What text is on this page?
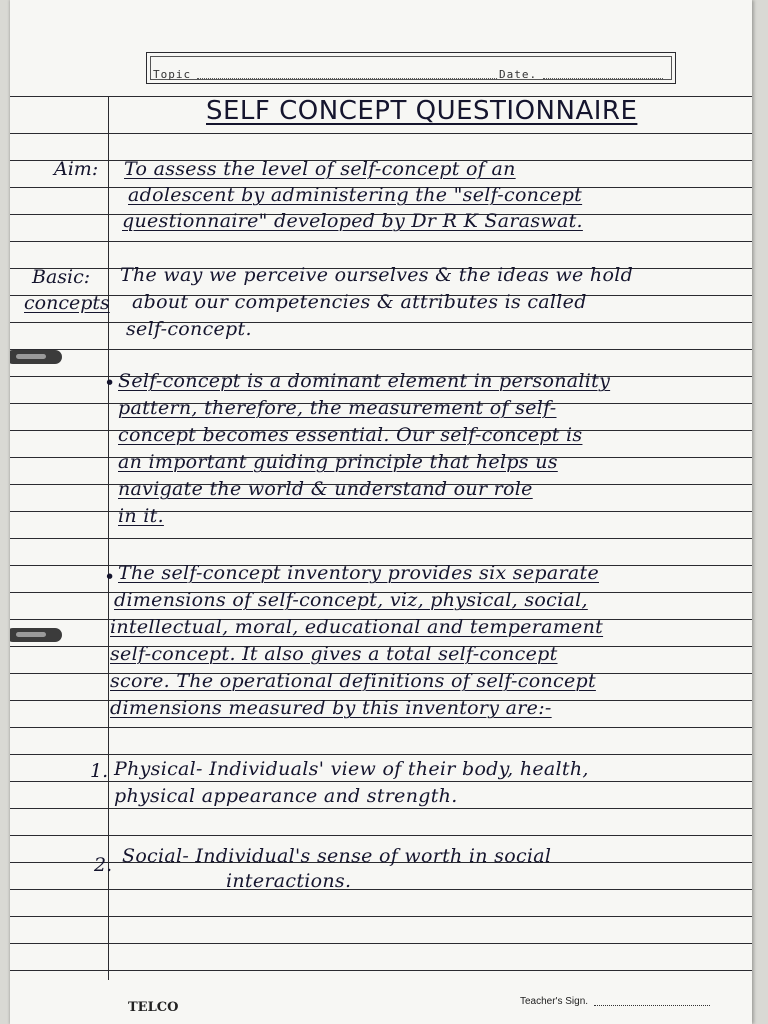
Topic	Date.
SELF CONCEPT QUESTIONNAIRE
Aim: To assess the level of self-concept of an
adolescent by administering the "self-concept
questionnaire" developed by Dr R K Saraswat.
Basic:
concepts
The way we perceive ourselves & the ideas we hold
about our competencies & attributes is called
self-concept.
• Self-concept is a dominant element in personality
pattern, therefore, the measurement of self-
concept becomes essential. Our self-concept is
an important guiding principle that helps us
navigate the world & understand our role
in it.
• The self-concept inventory provides six separate
dimensions of self-concept, viz, physical, social,
intellectual, moral, educational and temperament
self-concept. It also gives a total self-concept
score. The operational definitions of self-concept
dimensions measured by this inventory are:-
1. Physical- Individuals' view of their body, health,
physical appearance and strength.
2. Social- Individual's sense of worth in social
interactions.
TELCO	Teacher's Sign.
